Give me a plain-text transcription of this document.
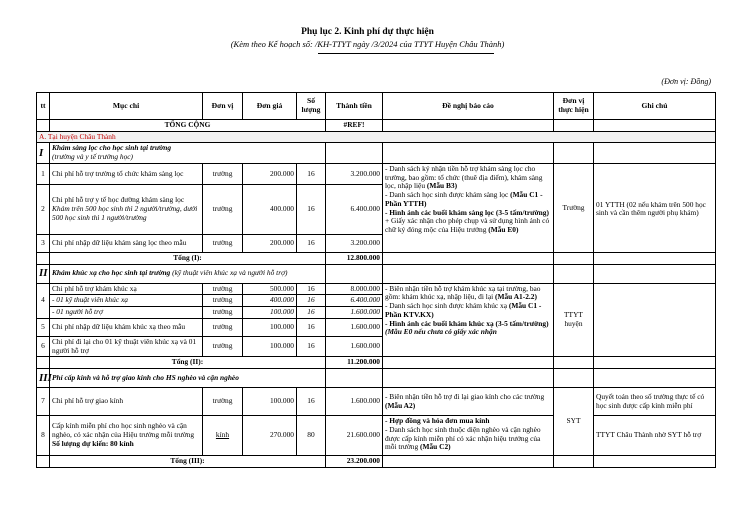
Phụ lục 2. Kinh phí dự thực hiện
(Kèm theo Kế hoạch số: /KH-TTYT ngày /3/2024 của TTYT Huyện Châu Thành)
(Đơn vị: Đồng)
tt	Mục chi	Đơn vị	Đơn giá	Số lượng	Thành tiền	Đề nghị báo cáo	Đơn vị thực hiện	Ghi chú
	TỔNG CỘNG				#REF!			
A. Tại huyện Châu Thành								
I	Khám sàng lọc cho học sinh tại trường
(trường và y tế trường học)							
1	Chi phí hỗ trợ trường tổ chức khám sàng lọc	trường	200.000	16	3.200.000	- Danh sách ký nhận tiền hỗ trợ khám sàng lọc cho trường, bao gồm: tổ chức (thuê địa điểm), khám sàng lọc, nhập liệu (Mẫu B3)
- Danh sách học sinh được khám sàng lọc (Mẫu C1 - Phần YTTH)
- Hình ảnh các buổi khám sàng lọc (3-5 tấm/trường) + Giấy xác nhận cho phép chụp và sử dụng hình ảnh có chữ ký đóng mộc của Hiệu trưởng (Mẫu E0)	Trường	
2	Chi phí hỗ trợ y tế học đường khám sàng lọc
Khám trên 500 học sinh thì 2 người/trường, dưới 500 học sinh thì 1 người/trường	trường	400.000	16	6.400.000			01 YTTH (02 nếu khám trên 500 học sinh và cần thêm người phụ khám)
3	Chi phí nhập dữ liệu khám sàng lọc theo mẫu	trường	200.000	16	3.200.000			
	Tổng (I):				12.800.000			
II	Khám khúc xạ cho học sinh tại trường (kỹ thuật viên khúc xạ và người hỗ trợ)							
4	Chi phí hỗ trợ khám khúc xạ	trường	500.000	16	8.000.000	- Biên nhận tiền hỗ trợ khám khúc xạ tại trường, bao gồm: khám khúc xạ, nhập liệu, đi lại (Mẫu A1-2.2)
- Danh sách học sinh được khám khúc xạ (Mẫu C1 - Phần KTV.KX)
- Hình ảnh các buổi khám khúc xạ (3-5 tấm/trường) (Mẫu E0 nếu chưa có giấy xác nhận	TTYT huyện	
	- 01 kỹ thuật viên khúc xạ	trường	400.000	16	6.400.000			
	- 01 người hỗ trợ	trường	100.000	16	1.600.000			
5	Chi phí nhập dữ liệu khám khúc xạ theo mẫu	trường	100.000	16	1.600.000			
6	Chi phí đi lại cho 01 kỹ thuật viên khúc xạ và 01 người hỗ trợ	trường	100.000	16	1.600.000			
	Tổng (II):				11.200.000			
III	Phí cấp kính và hỗ trợ giao kính cho HS nghèo và cận nghèo							
7	Chi phí hỗ trợ giao kính	trường	100.000	16	1.600.000	- Biên nhận tiền hỗ trợ đi lại giao kính cho các trường (Mẫu A2)	SYT	Quyết toán theo số trường thực tế có học sinh được cấp kính miễn phí
8	Cấp kính miễn phí cho học sinh nghèo và cận nghèo, có xác nhận của Hiệu trưởng mỗi trường
Số lượng dự kiến: 80 kính	kính	270.000	80	21.600.000	- Hợp đồng và hóa đơn mua kính
- Danh sách học sinh thuộc diện nghèo và cận nghèo được cấp kính miễn phí có xác nhận hiệu trưởng của mỗi trường (Mẫu C2)		TTYT Châu Thành nhờ SYT hỗ trợ
	Tổng (III):				23.200.000			
